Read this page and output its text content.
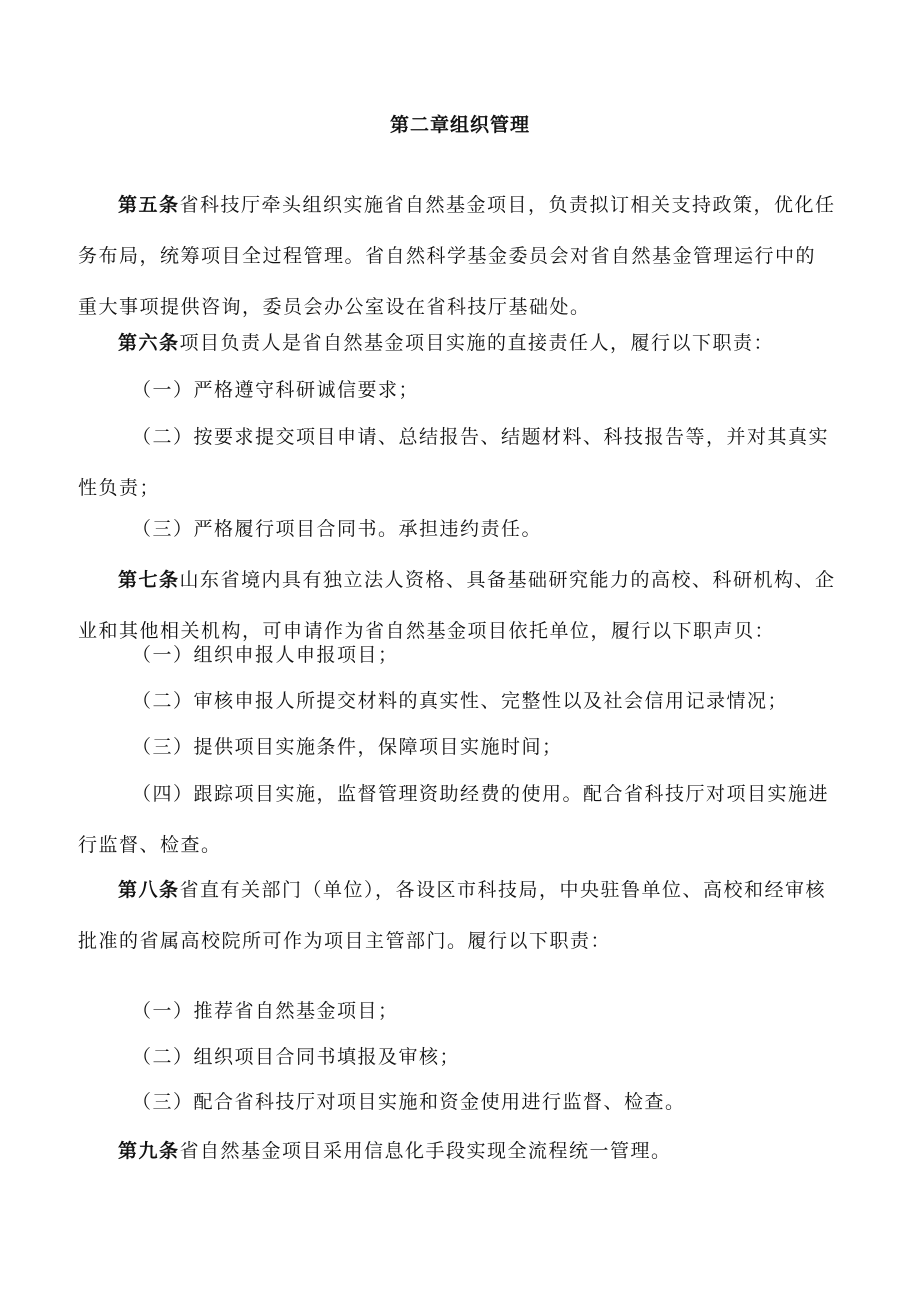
第二章组织管理

第五条省科技厅牵头组织实施省自然基金项目，负责拟订相关支持政策，优化任务布局，统筹项目全过程管理。省自然科学基金委员会对省自然基金管理运行中的重大事项提供咨询，委员会办公室设在省科技厅基础处。

第六条项目负责人是省自然基金项目实施的直接责任人，履行以下职责：

（一）严格遵守科研诚信要求；

（二）按要求提交项目申请、总结报告、结题材料、科技报告等，并对其真实性负责；

（三）严格履行项目合同书。承担违约责任。

第七条山东省境内具有独立法人资格、具备基础研究能力的高校、科研机构、企业和其他相关机构，可申请作为省自然基金项目依托单位，履行以下职声贝：

（一）组织申报人申报项目；

（二）审核申报人所提交材料的真实性、完整性以及社会信用记录情况；

（三）提供项目实施条件，保障项目实施时间；

（四）跟踪项目实施，监督管理资助经费的使用。配合省科技厅对项目实施进行监督、检查。

第八条省直有关部门（单位），各设区市科技局，中央驻鲁单位、高校和经审核批准的省属高校院所可作为项目主管部门。履行以下职责：

（一）推荐省自然基金项目；

（二）组织项目合同书填报及审核；

（三）配合省科技厅对项目实施和资金使用进行监督、检查。

第九条省自然基金项目采用信息化手段实现全流程统一管理。
